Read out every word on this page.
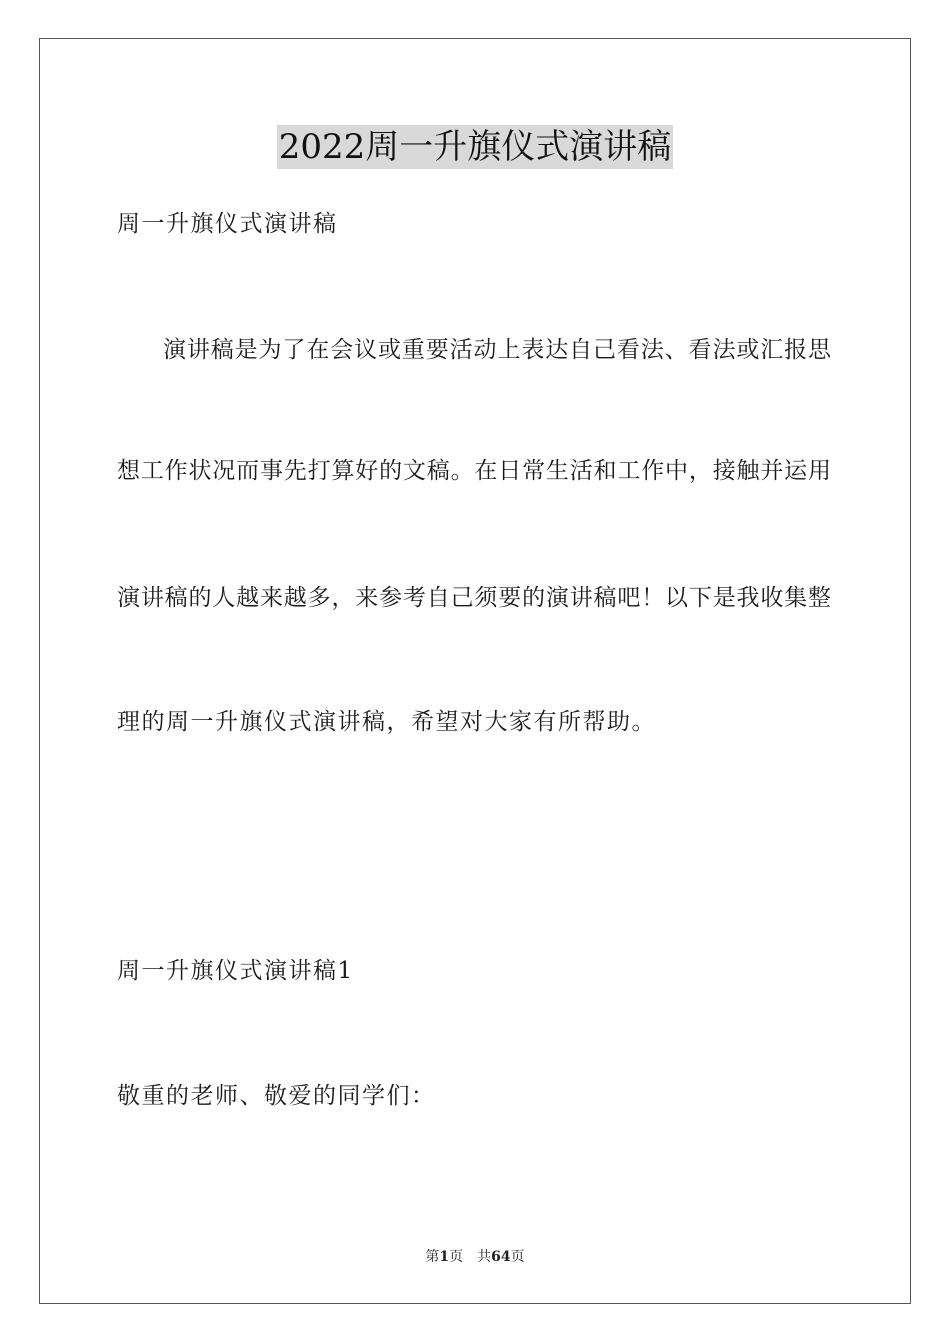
2022周一升旗仪式演讲稿
周一升旗仪式演讲稿
演讲稿是为了在会议或重要活动上表达自己看法、看法或汇报思
想工作状况而事先打算好的文稿。在日常生活和工作中，接触并运用
演讲稿的人越来越多，来参考自己须要的演讲稿吧！以下是我收集整
理的周一升旗仪式演讲稿，希望对大家有所帮助。
周一升旗仪式演讲稿1
敬重的老师、敬爱的同学们：
第1页 共64页
